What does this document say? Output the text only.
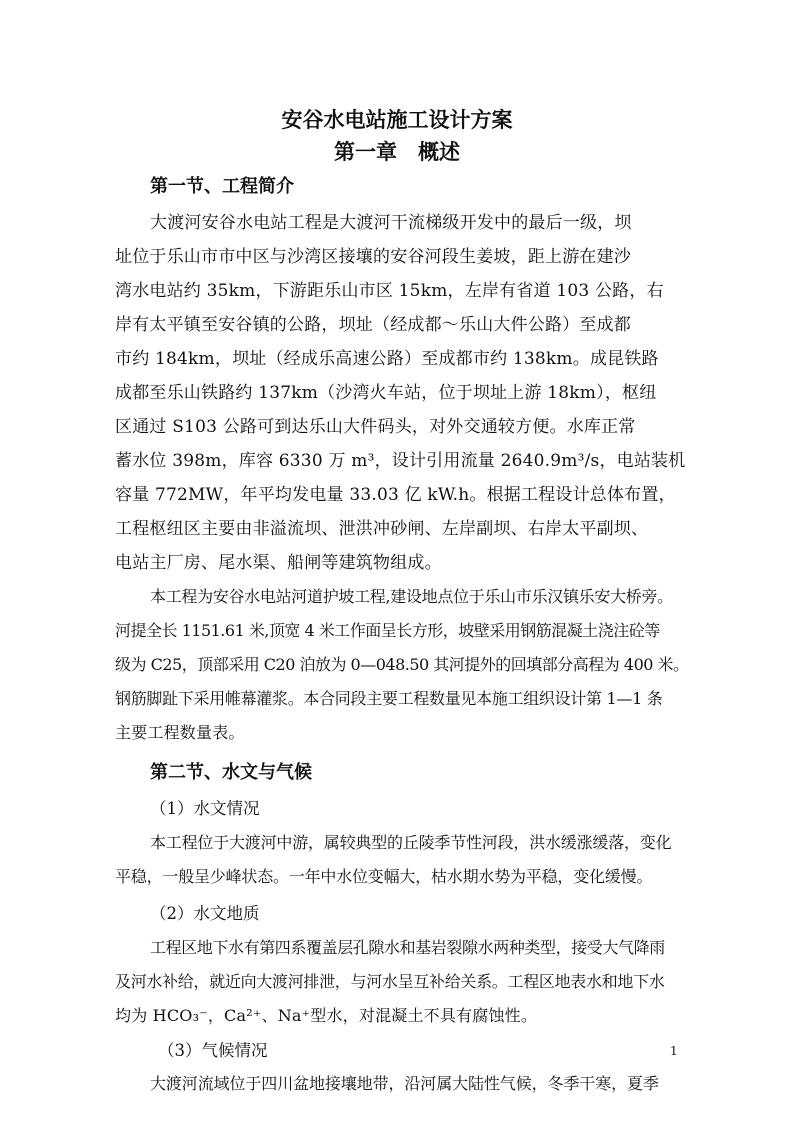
安谷水电站施工设计方案
第一章　概述
第一节、工程简介
大渡河安谷水电站工程是大渡河干流梯级开发中的最后一级，坝
址位于乐山市市中区与沙湾区接壤的安谷河段生姜坡，距上游在建沙
湾水电站约 35km，下游距乐山市区 15km，左岸有省道 103 公路，右
岸有太平镇至安谷镇的公路，坝址（经成都～乐山大件公路）至成都
市约 184km，坝址（经成乐高速公路）至成都市约 138km。成昆铁路
成都至乐山铁路约 137km（沙湾火车站，位于坝址上游 18km），枢纽
区通过 S103 公路可到达乐山大件码头，对外交通较方便。水库正常
蓄水位 398m，库容 6330 万 m³，设计引用流量 2640.9m³/s，电站装机
容量 772MW，年平均发电量 33.03 亿 kW.h。根据工程设计总体布置，
工程枢纽区主要由非溢流坝、泄洪冲砂闸、左岸副坝、右岸太平副坝、
电站主厂房、尾水渠、船闸等建筑物组成。
本工程为安谷水电站河道护坡工程,建设地点位于乐山市乐汉镇乐安大桥旁。
河提全长 1151.61 米,顶宽 4 米工作面呈长方形，坡壁采用钢筋混凝土浇注砼等
级为 C25，顶部采用 C20 泊放为 0—048.50 其河提外的回填部分高程为 400 米。
钢筋脚趾下采用帷幕灌浆。本合同段主要工程数量见本施工组织设计第 1—1 条
主要工程数量表。
第二节、水文与气候
（1）水文情况
本工程位于大渡河中游，属较典型的丘陵季节性河段，洪水缓涨缓落，变化
平稳，一般呈少峰状态。一年中水位变幅大，枯水期水势为平稳，变化缓慢。
（2）水文地质
工程区地下水有第四系覆盖层孔隙水和基岩裂隙水两种类型，接受大气降雨
及河水补给，就近向大渡河排泄，与河水呈互补给关系。工程区地表水和地下水
均为 HCO₃⁻，Ca²⁺、Na⁺型水，对混凝土不具有腐蚀性。
（3）气候情况
大渡河流域位于四川盆地接壤地带，沿河属大陆性气候，冬季干寒，夏季
1
